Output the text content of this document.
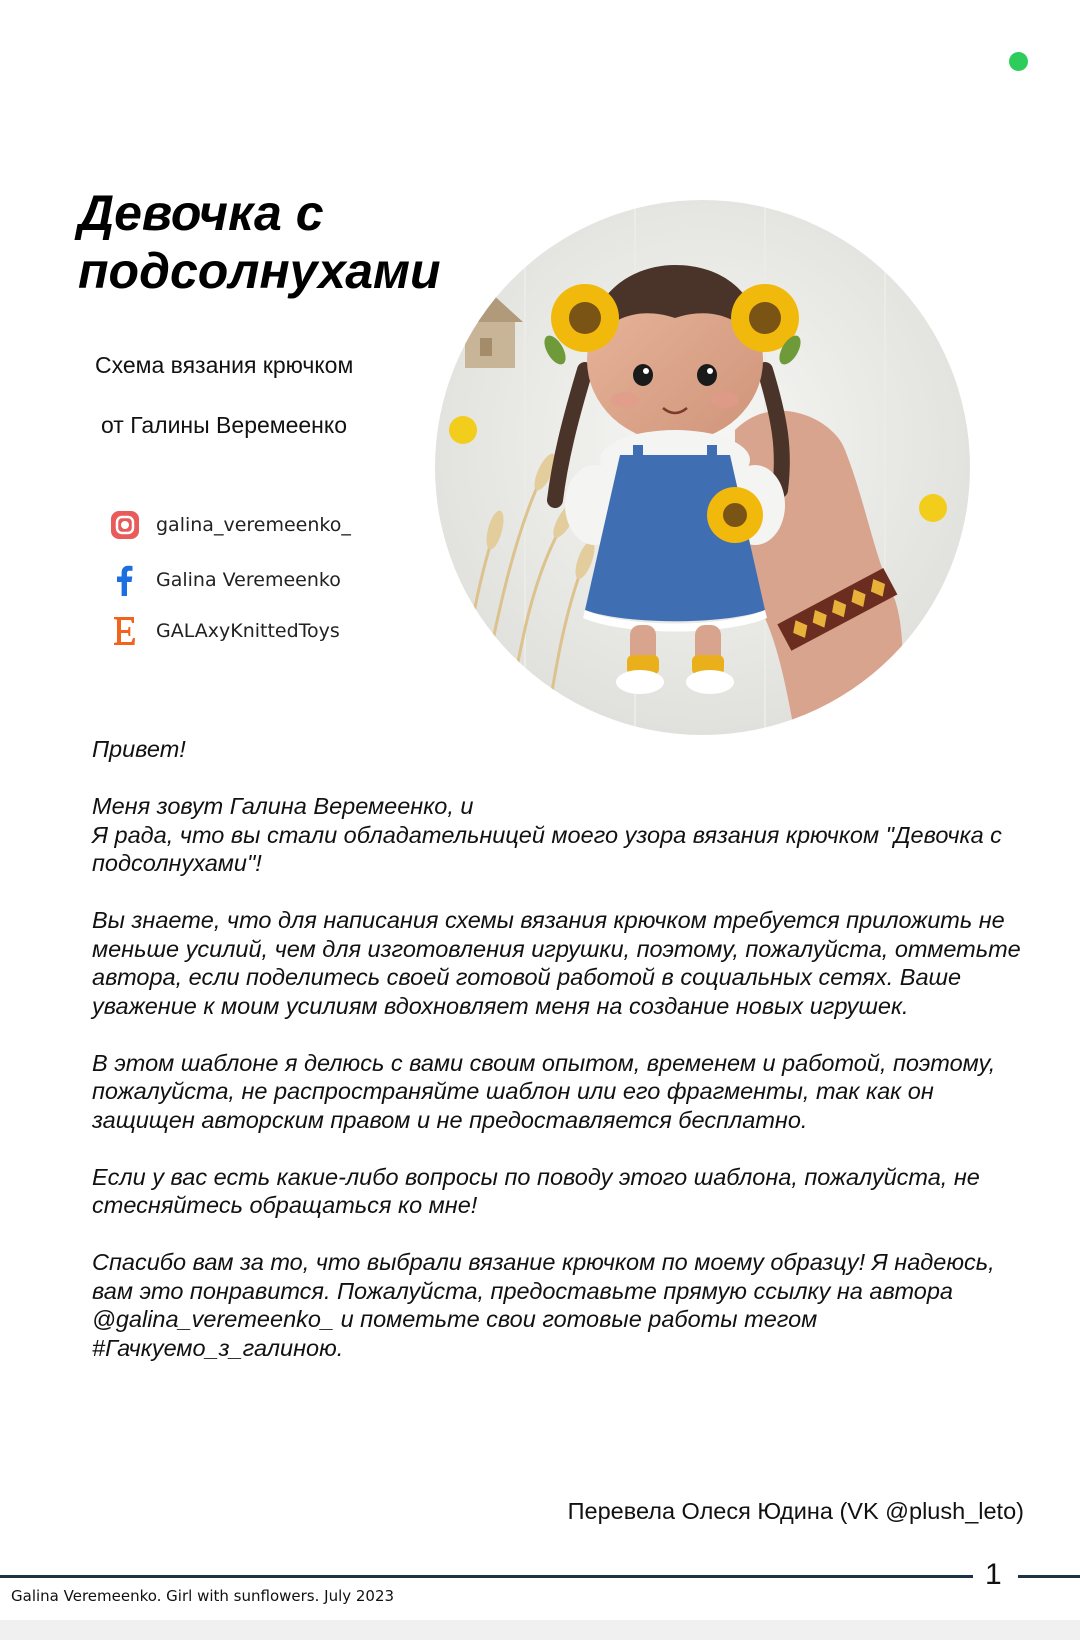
Девочка с подсолнухами
Схема вязания крючком
от Галины Веремеенко
galina_veremeenko_
Galina Veremeenko
GALAxyKnittedToys

Привет!

Меня зовут Галина Веремеенко, и
Я рада, что вы стали обладательницей моего узора вязания крючком "Девочка с подсолнухами"!

Вы знаете, что для написания схемы вязания крючком требуется приложить не меньше усилий, чем для изготовления игрушки, поэтому, пожалуйста, отметьте автора, если поделитесь своей готовой работой в социальных сетях. Ваше уважение к моим усилиям вдохновляет меня на создание новых игрушек.

В этом шаблоне я делюсь с вами своим опытом, временем и работой, поэтому, пожалуйста, не распространяйте шаблон или его фрагменты, так как он защищен авторским правом и не предоставляется бесплатно.

Если у вас есть какие-либо вопросы по поводу этого шаблона, пожалуйста, не стесняйтесь обращаться ко мне!

Спасибо вам за то, что выбрали вязание крючком по моему образцу! Я надеюсь, вам это понравится. Пожалуйста, предоставьте прямую ссылку на автора @galina_veremeenko_ и пометьте свои готовые работы тегом #Гачкуемо_з_галиною.

Перевела Олеся Юдина (VK @plush_leto)
1
Galina Veremeenko. Girl with sunflowers. July 2023
